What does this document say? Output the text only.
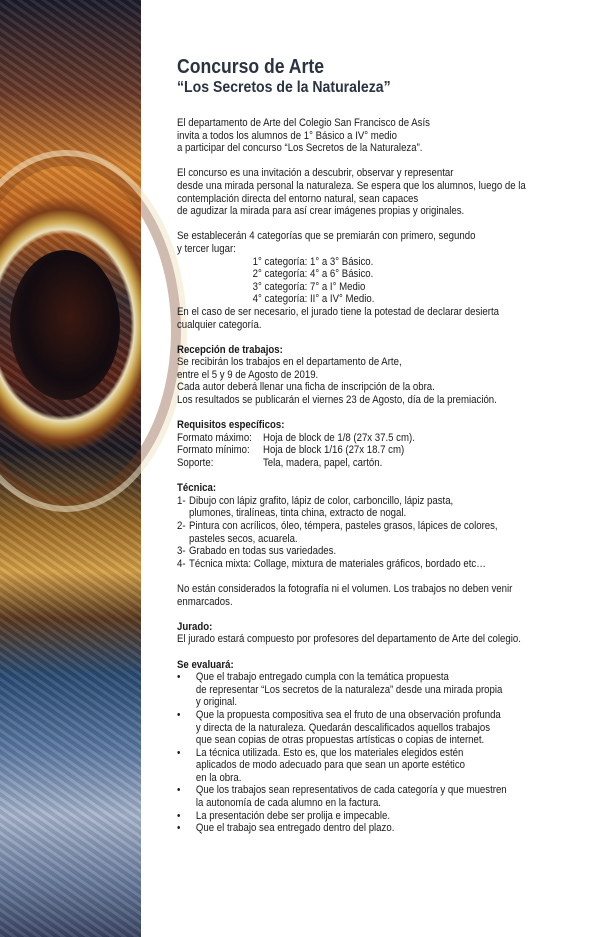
Concurso de Arte
“Los Secretos de la Naturaleza”

El departamento de Arte del Colegio San Francisco de Asís
invita a todos los alumnos de 1° Básico a IV° medio
a participar del concurso “Los Secretos de la Naturaleza”.

El concurso es una invitación a descubrir, observar y representar
desde una mirada personal la naturaleza. Se espera que los alumnos, luego de la
contemplación directa del entorno natural, sean capaces
de agudizar la mirada para así crear imágenes propias y originales.

Se establecerán 4 categorías que se premiarán con primero, segundo
y tercer lugar:

1° categoría: 1° a 3° Básico.
2° categoría: 4° a 6° Básico.
3° categoría: 7° a I° Medio
4° categoría: II° a IV° Medio.

En el caso de ser necesario, el jurado tiene la potestad de declarar desierta
cualquier categoría.

Recepción de trabajos:

Se recibirán los trabajos en el departamento de Arte,
entre el 5 y 9 de Agosto de 2019.
Cada autor deberá llenar una ficha de inscripción de la obra.
Los resultados se publicarán el viernes 23 de Agosto, día de la premiación.

Requisitos específicos:
Formato máximo: Hoja de block de 1/8 (27x 37.5 cm).
Formato mínimo:	Hoja de block 1/16 (27x 18.7 cm)
Soporte:	Tela, madera, papel, cartón.
Técnica:
1- Dibujo con lápiz grafito, lápiz de color, carboncillo, lápiz pasta,
plumones, tiralíneas, tinta china, extracto de nogal.
2- Pintura con acrílicos, óleo, témpera, pasteles grasos, lápices de colores,
pasteles secos, acuarela.
3- Grabado en todas sus variedades.
4- Técnica mixta: Collage, mixtura de materiales gráficos, bordado etc…

No están considerados la fotografía ni el volumen. Los trabajos no deben venir
enmarcados.

Jurado:

El jurado estará compuesto por profesores del departamento de Arte del colegio.

Se evaluará:
•	Que el trabajo entregado cumpla con la temática propuesta
de representar “Los secretos de la naturaleza” desde una mirada propia
y original.
•	Que la propuesta compositiva sea el fruto de una observación profunda
y directa de la naturaleza. Quedarán descalificados aquellos trabajos
que sean copias de otras propuestas artísticas o copias de internet.
•	La técnica utilizada. Esto es, que los materiales elegidos estén
aplicados de modo adecuado para que sean un aporte estético
en la obra.
•	Que los trabajos sean representativos de cada categoría y que muestren
la autonomía de cada alumno en la factura.
•	La presentación debe ser prolija e impecable.
•	Que el trabajo sea entregado dentro del plazo.
